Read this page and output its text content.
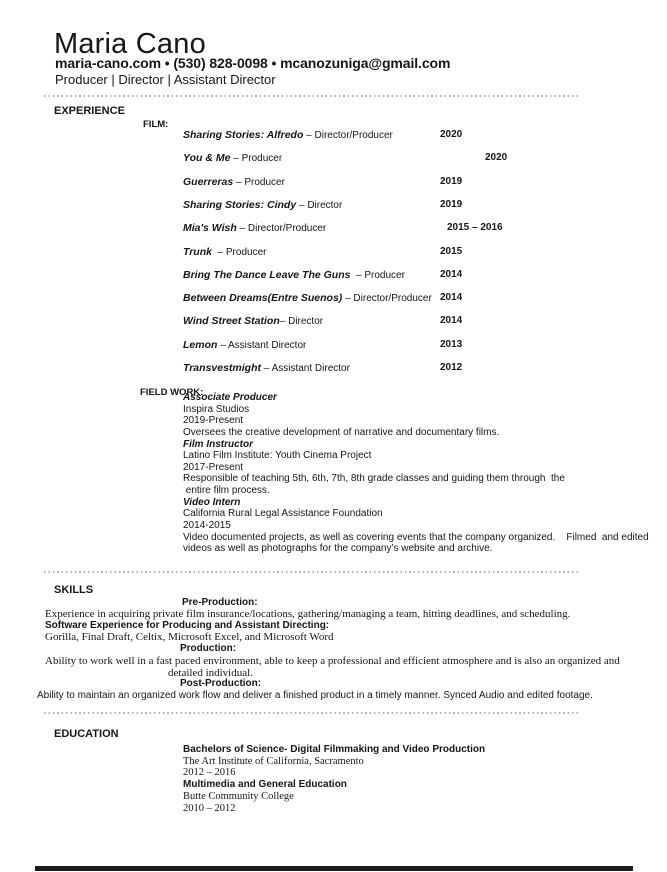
Maria Cano
maria-cano.com • (530) 828-0098 • mcanozuniga@gmail.com
Producer | Director | Assistant Director
EXPERIENCE
FILM:
Sharing Stories: Alfredo – Director/Producer	2020
You & Me – Producer	2020
Guerreras – Producer	2019
Sharing Stories: Cindy – Director	2019
Mia's Wish – Director/Producer	2015 – 2016
Trunk  – Producer	2015
Bring The Dance Leave The Guns  – Producer	2014
Between Dreams(Entre Suenos) – Director/Producer 2014
Wind Street Station– Director	2014
Lemon – Assistant Director	2013
Transvestmight – Assistant Director	2012
FIELD WORK:
Associate Producer
Inspira Studios
2019-Present
Oversees the creative development of narrative and documentary films.
Film Instructor
Latino Film Institute: Youth Cinema Project
2017-Present
Responsible of teaching 5th, 6th, 7th, 8th grade classes and guiding them through  the
entire film process.
Video Intern
California Rural Legal Assistance Foundation
2014-2015
Video documented projects, as well as covering events that the company organized.    Filmed  and edited
videos as well as photographs for the company’s website and archive.
SKILLS
Pre-Production:
Experience in acquiring private film insurance/locations, gathering/managing a team, hitting deadlines, and scheduling.
Software Experience for Producing and Assistant Directing:
Gorilla, Final Draft, Celtix, Microsoft Excel, and Microsoft Word
Production:
Ability to work well in a fast paced environment, able to keep a professional and efficient atmosphere and is also an organized and
detailed individual.
Post-Production:
Ability to maintain an organized work flow and deliver a finished product in a timely manner. Synced Audio and edited footage.
EDUCATION
Bachelors of Science- Digital Filmmaking and Video Production
The Art Institute of California, Sacramento
2012 – 2016
Multimedia and General Education
Butte Community College
2010 – 2012
